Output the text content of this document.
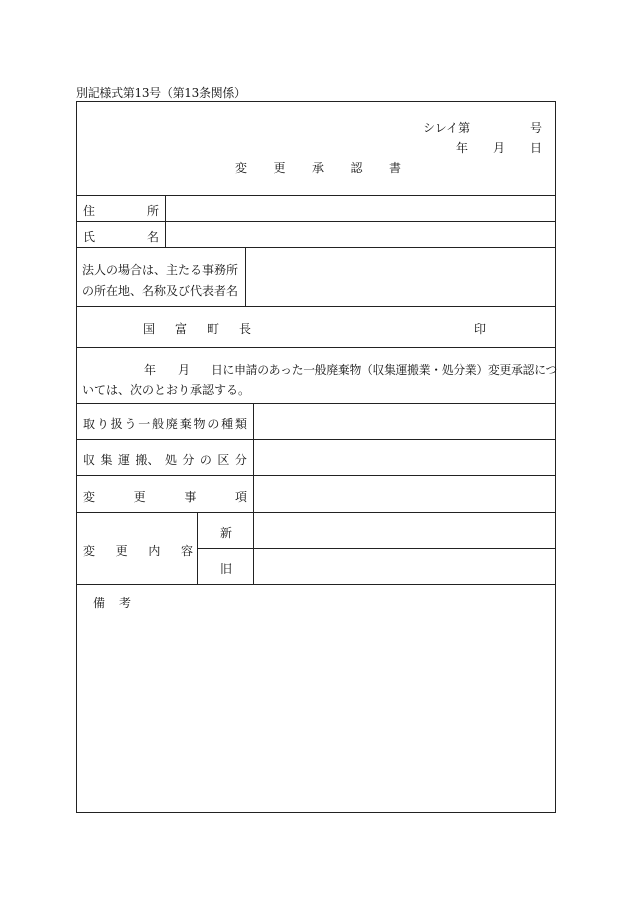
別記様式第13号（第13条関係）
シレイ第	号
年 月 日
変 更 承 認 書
住	所
氏	名
法人の場合は、主たる事務所
の所在地、名称及び代表者名
国 富 町 長	印
年 月 日に申請のあった一般廃棄物（収集運搬業・処分業）変更承認につ
いては、次のとおり承認する。
取 り 扱 う 一 般 廃 棄 物 の 種 類
収 集 運 搬、 処 分 の 区 分
変	更	事	項
変 更 内 容
新
旧
備 考
